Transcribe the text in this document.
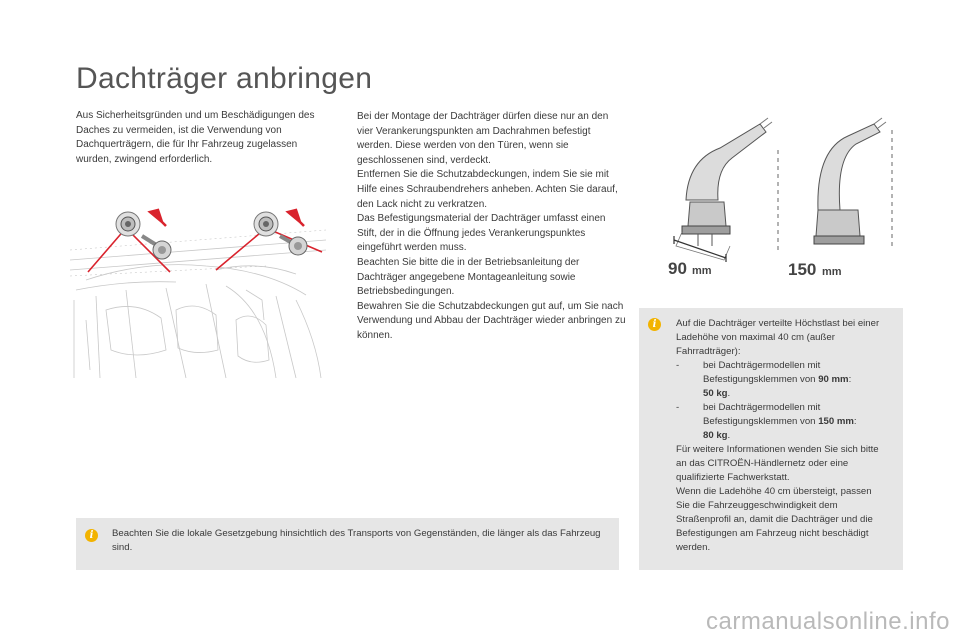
Dachträger anbringen

Aus Sicherheitsgründen und um Beschädigungen des Daches zu vermeiden, ist die Verwendung von Dachquerträgern, die für Ihr Fahrzeug zugelassen wurden, zwingend erforderlich.

Bei der Montage der Dachträger dürfen diese nur an den vier Verankerungspunkten am Dachrahmen befestigt werden. Diese werden von den Türen, wenn sie geschlossenen sind, verdeckt.

Entfernen Sie die Schutzabdeckungen, indem Sie sie mit Hilfe eines Schraubendrehers anheben. Achten Sie darauf, den Lack nicht zu verkratzen.

Das Befestigungsmaterial der Dachträger umfasst einen Stift, der in die Öffnung jedes Verankerungspunktes eingeführt werden muss.

Beachten Sie bitte die in der Betriebsanleitung der Dachträger angegebene Montageanleitung sowie Betriebsbedingungen.

Bewahren Sie die Schutzabdeckungen gut auf, um Sie nach Verwendung und Abbau der Dachträger wieder anbringen zu können.

90 mm	150 mm
i	Auf die Dachträger verteilte Höchstlast bei einer Ladehöhe von maximal 40 cm (außer Fahrradträger):

- bei Dachträgermodellen mit Befestigungsklemmen von 90 mm:
50 kg.

- bei Dachträgermodellen mit Befestigungsklemmen von 150 mm:
80 kg.

Für weitere Informationen wenden Sie sich bitte an das CITROËN-Händlernetz oder eine qualifizierte Fachwerkstatt.

Wenn die Ladehöhe 40 cm übersteigt, passen Sie die Fahrzeuggeschwindigkeit dem Straßenprofil an, damit die Dachträger und die Befestigungen am Fahrzeug nicht beschädigt werden.

i	Beachten Sie die lokale Gesetzgebung hinsichtlich des Transports von Gegenständen, die länger als das Fahrzeug sind.

carmanualsonline.info
